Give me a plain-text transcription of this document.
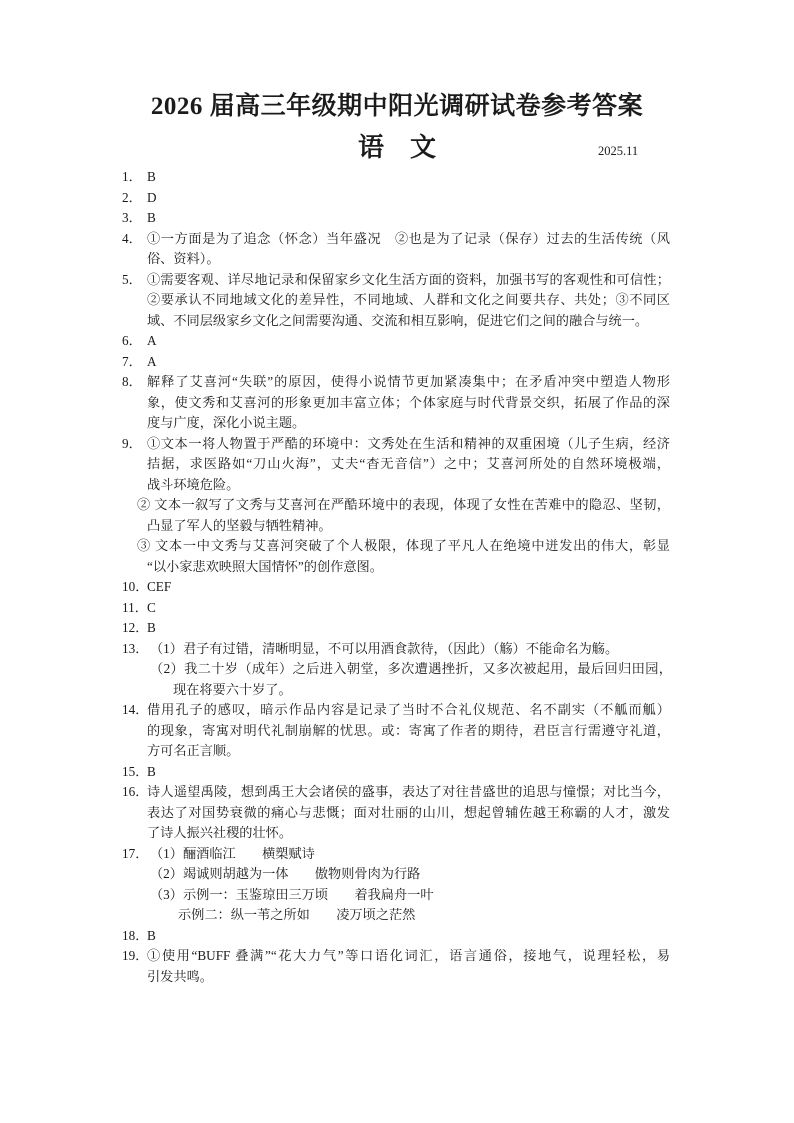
2026 届高三年级期中阳光调研试卷参考答案
语　文	2025.11
1． B
2． D
3． B
4． ①一方面是为了追念（怀念）当年盛况　②也是为了记录（保存）过去的生活传统（风
俗、资料）。
5． ①需要客观、详尽地记录和保留家乡文化生活方面的资料，加强书写的客观性和可信性；
②要承认不同地域文化的差异性，不同地域、人群和文化之间要共存、共处；③不同区
域、不同层级家乡文化之间需要沟通、交流和相互影响，促进它们之间的融合与统一。
6． A
7． A
8． 解释了艾喜河“失联”的原因，使得小说情节更加紧凑集中；在矛盾冲突中塑造人物形
象，使文秀和艾喜河的形象更加丰富立体；个体家庭与时代背景交织，拓展了作品的深
度与广度，深化小说主题。
9． ①文本一将人物置于严酷的环境中：文秀处在生活和精神的双重困境（儿子生病，经济
拮据，求医路如“刀山火海”，丈夫“杳无音信”）之中；艾喜河所处的自然环境极端，
战斗环境危险。
② 文本一叙写了文秀与艾喜河在严酷环境中的表现，体现了女性在苦难中的隐忍、坚韧，
凸显了军人的坚毅与牺牲精神。
③ 文本一中文秀与艾喜河突破了个人极限，体现了平凡人在绝境中迸发出的伟大，彰显
“以小家悲欢映照大国情怀”的创作意图。
10．
CEF
11． C
12．
B
13． （1）君子有过错，清晰明显，不可以用酒食款待，（因此）（觞）不能命名为觞。
（2）我二十岁（成年）之后进入朝堂，多次遭遇挫折，又多次被起用，最后回归田园，
现在将要六十岁了。
14．
借用孔子的感叹，暗示作品内容是记录了当时不合礼仪规范、名不副实（不觚而觚）
的现象，寄寓对明代礼制崩解的忧思。或：寄寓了作者的期待，君臣言行需遵守礼道，
方可名正言顺。
15．
B
16．
诗人遥望禹陵，想到禹王大会诸侯的盛事，表达了对往昔盛世的追思与憧憬；对比当今，
表达了对国势衰微的痛心与悲慨；面对壮丽的山川，想起曾辅佐越王称霸的人才，激发
了诗人振兴社稷的壮怀。
17． （1）酾酒临江　　横槊赋诗
（2）竭诚则胡越为一体　　傲物则骨肉为行路
（3）示例一：玉鉴琼田三万顷　　着我扁舟一叶
示例二：纵一苇之所如　　凌万顷之茫然
18．
B
19．
①使用“BUFF 叠满”“花大力气”等口语化词汇，语言通俗，接地气，说理轻松，易
引发共鸣。
